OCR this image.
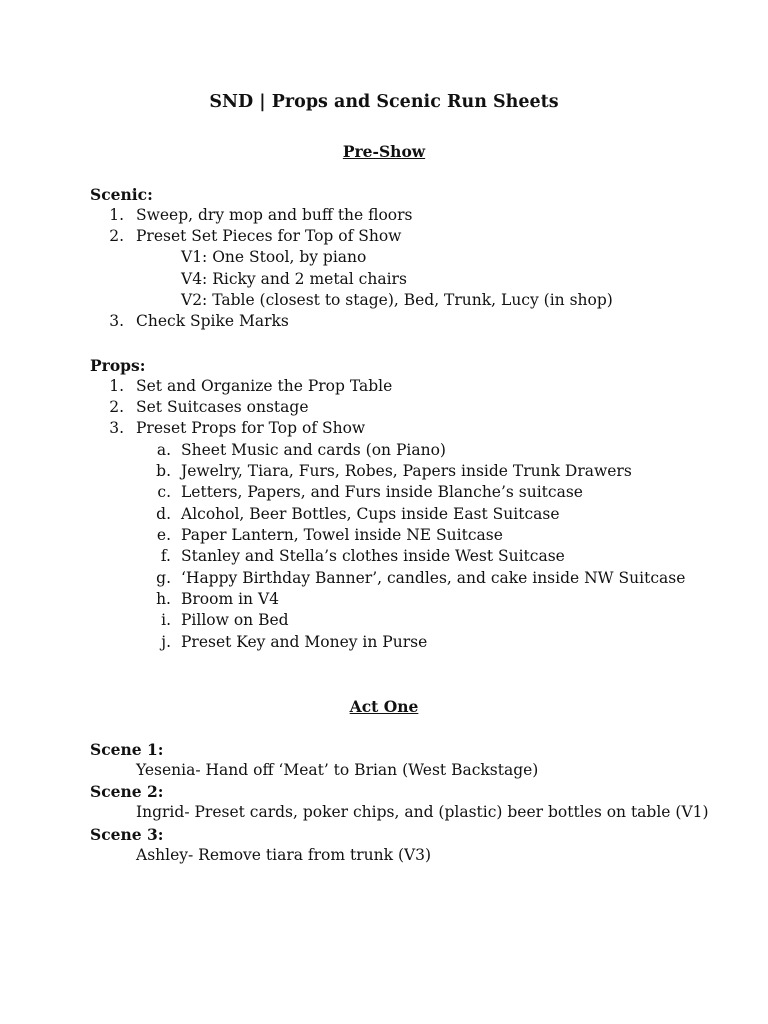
SND | Props and Scenic Run Sheets
Pre-Show
Scenic:
1. Sweep, dry mop and buff the floors
2. Preset Set Pieces for Top of Show
V1: One Stool, by piano
V4: Ricky and 2 metal chairs
V2: Table (closest to stage), Bed, Trunk, Lucy (in shop)
3. Check Spike Marks
Props:
1. Set and Organize the Prop Table
2. Set Suitcases onstage
3. Preset Props for Top of Show
a. Sheet Music and cards (on Piano)
b. Jewelry, Tiara, Furs, Robes, Papers inside Trunk Drawers
c. Letters, Papers, and Furs inside Blanche’s suitcase
d. Alcohol, Beer Bottles, Cups inside East Suitcase
e. Paper Lantern, Towel inside NE Suitcase
f. Stanley and Stella’s clothes inside West Suitcase
g. ‘Happy Birthday Banner’, candles, and cake inside NW Suitcase
h. Broom in V4
i. Pillow on Bed
j. Preset Key and Money in Purse
Act One
Scene 1:
Yesenia- Hand off ‘Meat’ to Brian (West Backstage)
Scene 2:
Ingrid- Preset cards, poker chips, and (plastic) beer bottles on table (V1)
Scene 3:
Ashley- Remove tiara from trunk (V3)
